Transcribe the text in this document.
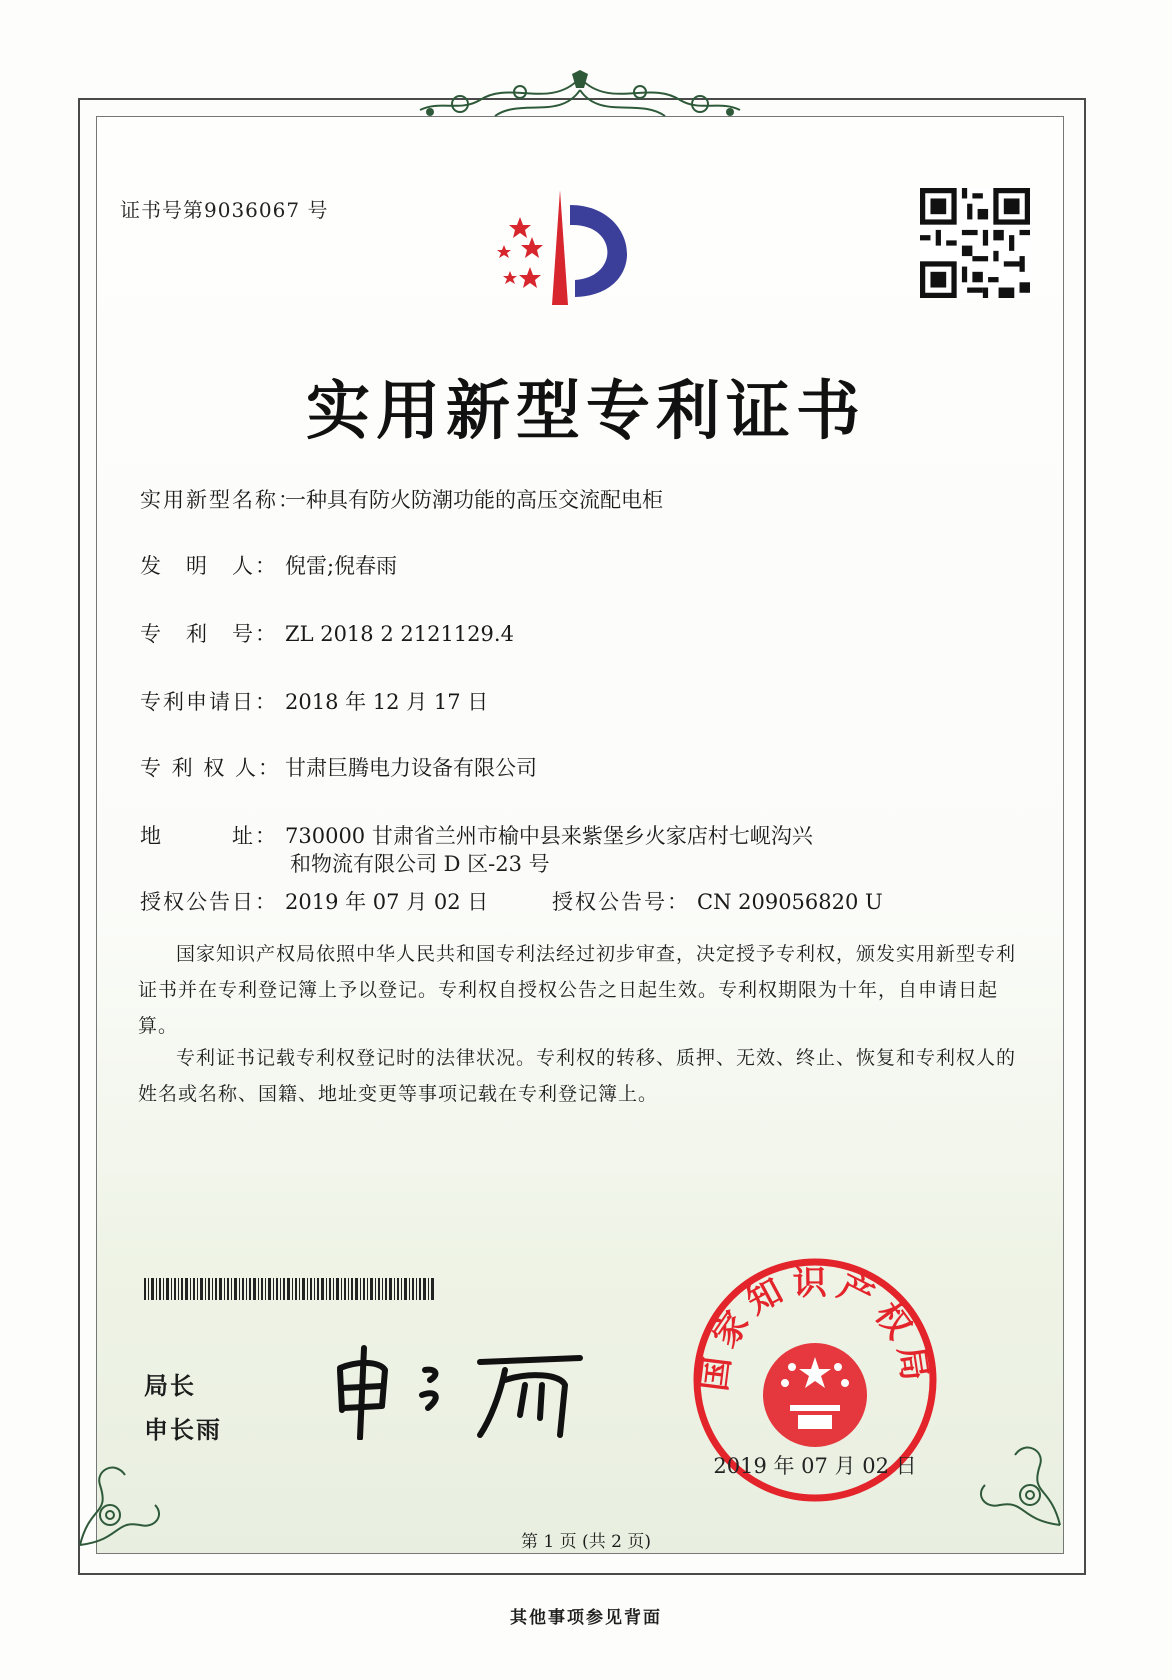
证书号第9036067 号
实用新型专利证书
实用新型名称：一种具有防火防潮功能的高压交流配电柜
发　明　人： 倪雷;倪春雨
专　利　号： ZL 2018 2 2121129.4
专利申请日： 2018 年 12 月 17 日
专 利 权 人： 甘肃巨腾电力设备有限公司
地　　　址： 730000 甘肃省兰州市榆中县来紫堡乡火家店村七岘沟兴
和物流有限公司 D 区-23 号
授权公告日： 2019 年 07 月 02 日	授权公告号： CN 209056820 U
国家知识产权局依照中华人民共和国专利法经过初步审查，决定授予专利权，颁发实用新型专利证书并在专利登记簿上予以登记。专利权自授权公告之日起生效。专利权期限为十年，自申请日起算。
专利证书记载专利权登记时的法律状况。专利权的转移、质押、无效、终止、恢复和专利权人的姓名或名称、国籍、地址变更等事项记载在专利登记簿上。
局长
申长雨
国家知识产权局
2019 年 07 月 02 日
第 1 页 (共 2 页)
其他事项参见背面
